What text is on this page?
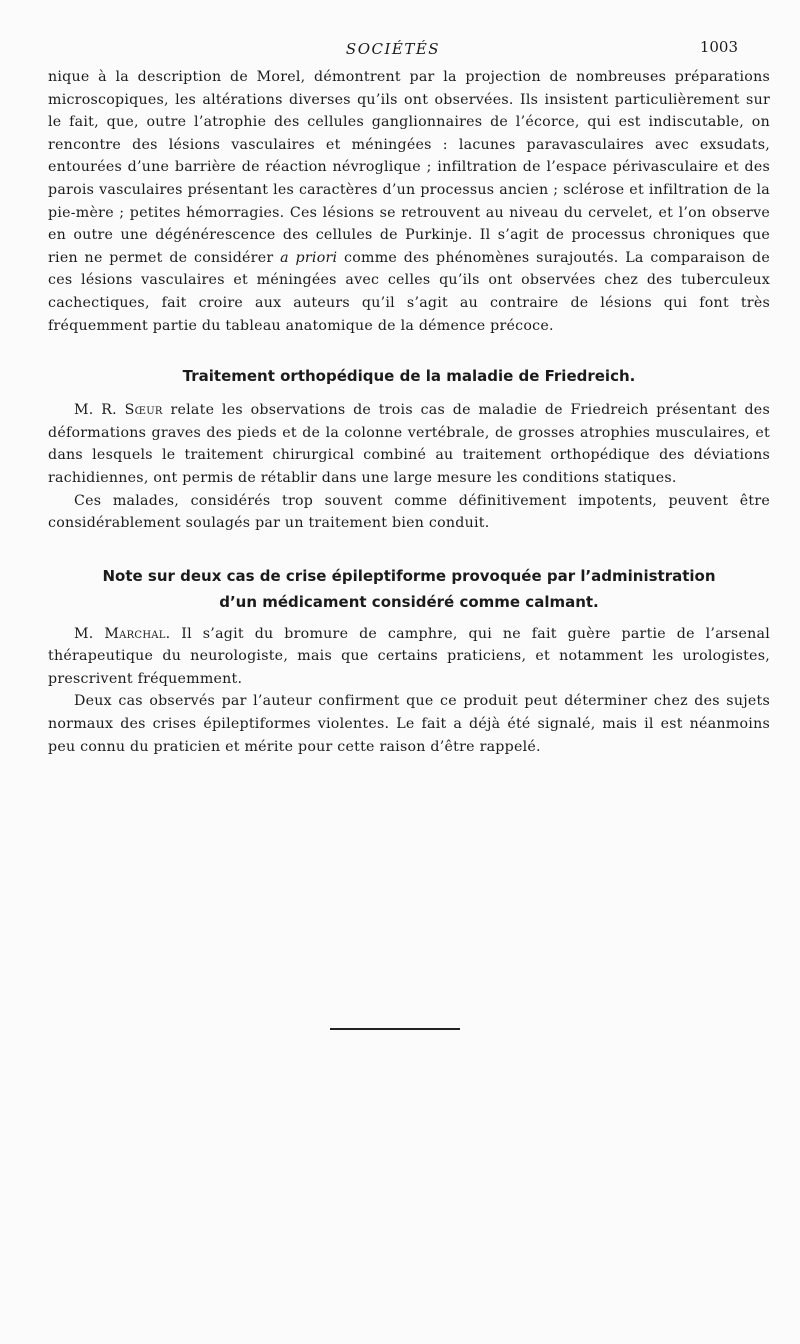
SOCIÉTÉS	1003

nique à la description de Morel, démontrent par la projection de nombreuses préparations microscopiques, les altérations diverses qu’ils ont observées. Ils insistent particulièrement sur le fait, que, outre l’atrophie des cellules ganglionnaires de l’écorce, qui est indiscutable, on rencontre des lésions vasculaires et méningées : lacunes paravasculaires avec exsudats, entourées d’une barrière de réaction névroglique ; infiltration de l’espace périvasculaire et des parois vasculaires présentant les caractères d’un processus ancien ; sclérose et infiltration de la pie-mère ; petites hémorragies. Ces lésions se retrouvent au niveau du cervelet, et l’on observe en outre une dégénérescence des cellules de Purkinje. Il s’agit de processus chroniques que rien ne permet de considérer a priori comme des phénomènes surajoutés. La comparaison de ces lésions vasculaires et méningées avec celles qu’ils ont observées chez des tuberculeux cachectiques, fait croire aux auteurs qu’il s’agit au contraire de lésions qui font très fréquemment partie du tableau anatomique de la démence précoce.

Traitement orthopédique de la maladie de Friedreich.

M. R. Sœur relate les observations de trois cas de maladie de Friedreich présentant des déformations graves des pieds et de la colonne vertébrale, de grosses atrophies musculaires, et dans lesquels le traitement chirurgical combiné au traitement orthopédique des déviations rachidiennes, ont permis de rétablir dans une large mesure les conditions statiques.

Ces malades, considérés trop souvent comme définitivement impotents, peuvent être considérablement soulagés par un traitement bien conduit.

Note sur deux cas de crise épileptiforme provoquée par l’administration
d’un médicament considéré comme calmant.

M. Marchal. Il s’agit du bromure de camphre, qui ne fait guère partie de l’arsenal thérapeutique du neurologiste, mais que certains praticiens, et notamment les urologistes, prescrivent fréquemment.

Deux cas observés par l’auteur confirment que ce produit peut déterminer chez des sujets normaux des crises épileptiformes violentes. Le fait a déjà été signalé, mais il est néanmoins peu connu du praticien et mérite pour cette raison d’être rappelé.
